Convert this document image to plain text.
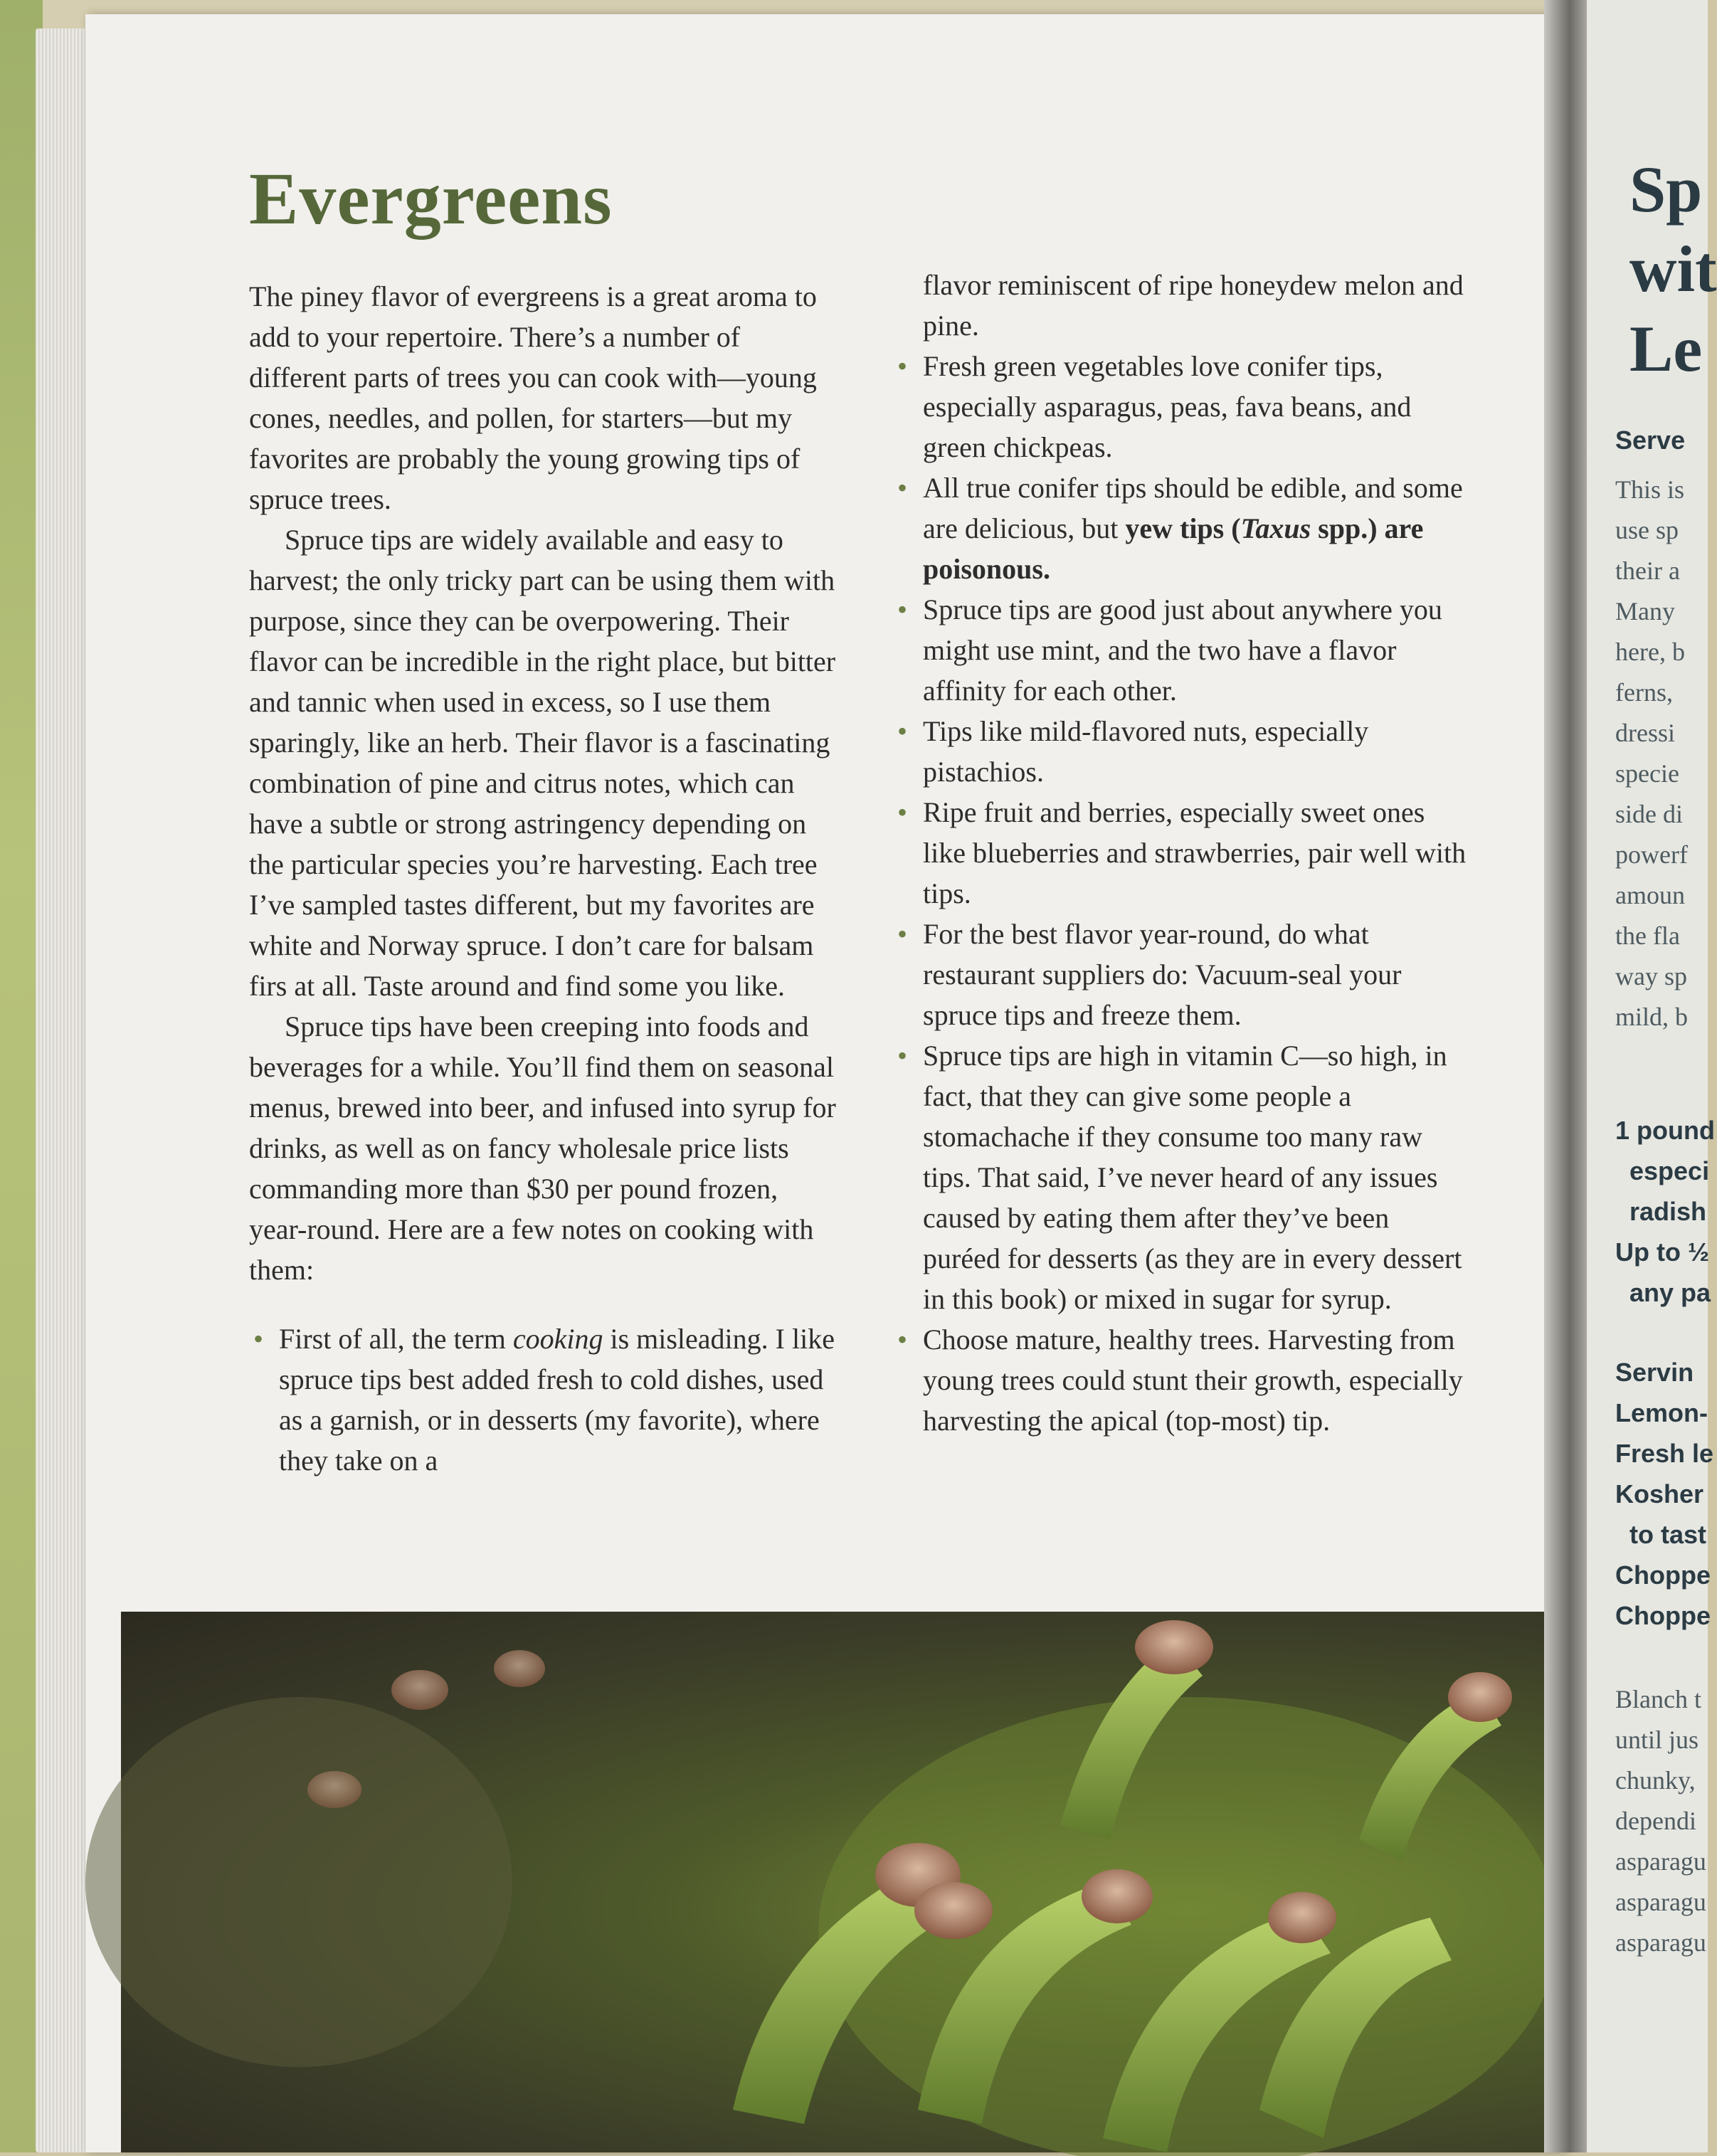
Evergreens

The piney flavor of evergreens is a great aroma to add to your repertoire. There’s a number of different parts of trees you can cook with—young cones, needles, and pollen, for starters—but my favorites are probably the young growing tips of spruce trees.

Spruce tips are widely available and easy to harvest; the only tricky part can be using them with purpose, since they can be overpowering. Their flavor can be incredible in the right place, but bitter and tannic when used in excess, so I use them sparingly, like an herb. Their flavor is a fascinating combination of pine and citrus notes, which can have a subtle or strong astringency depending on the particular species you’re harvesting. Each tree I’ve sampled tastes different, but my favorites are white and Norway spruce. I don’t care for balsam firs at all. Taste around and find some you like.

Spruce tips have been creeping into foods and beverages for a while. You’ll find them on seasonal menus, brewed into beer, and infused into syrup for drinks, as well as on fancy wholesale price lists commanding more than $30 per pound frozen, year-round. Here are a few notes on cooking with them:

• First of all, the term cooking is misleading. I like spruce tips best added fresh to cold dishes, used as a garnish, or in desserts (my favorite), where they take on a

flavor reminiscent of ripe honeydew melon and pine.

• Fresh green vegetables love conifer tips, especially asparagus, peas, fava beans, and green chickpeas.
• All true conifer tips should be edible, and some are delicious, but yew tips (Taxus spp.) are poisonous.
• Spruce tips are good just about anywhere you might use mint, and the two have a flavor affinity for each other.
• Tips like mild-flavored nuts, especially pistachios.
• Ripe fruit and berries, especially sweet ones like blueberries and strawberries, pair well with tips.
• For the best flavor year-round, do what restaurant suppliers do: Vacuum-seal your spruce tips and freeze them.
• Spruce tips are high in vitamin C—so high, in fact, that they can give some people a stomachache if they consume too many raw tips. That said, I’ve never heard of any issues caused by eating them after they’ve been puréed for desserts (as they are in every dessert in this book) or mixed in sugar for syrup.
• Choose mature, healthy trees. Harvesting from young trees could stunt their growth, especially harvesting the apical (top-most) tip.
Sp
wit
Le
Serve
This is
use sp
their a
Many
here, b
ferns,
dressi
specie
side di
powerf
amoun
the fla
way sp
mild, b
1 pound
especi
radish
Up to ½
any pa
Servin
Lemon-
Fresh le
Kosher
to tast
Choppe
Choppe
Blanch t
until jus
chunky,
dependi
asparagu
asparagu
asparagu
